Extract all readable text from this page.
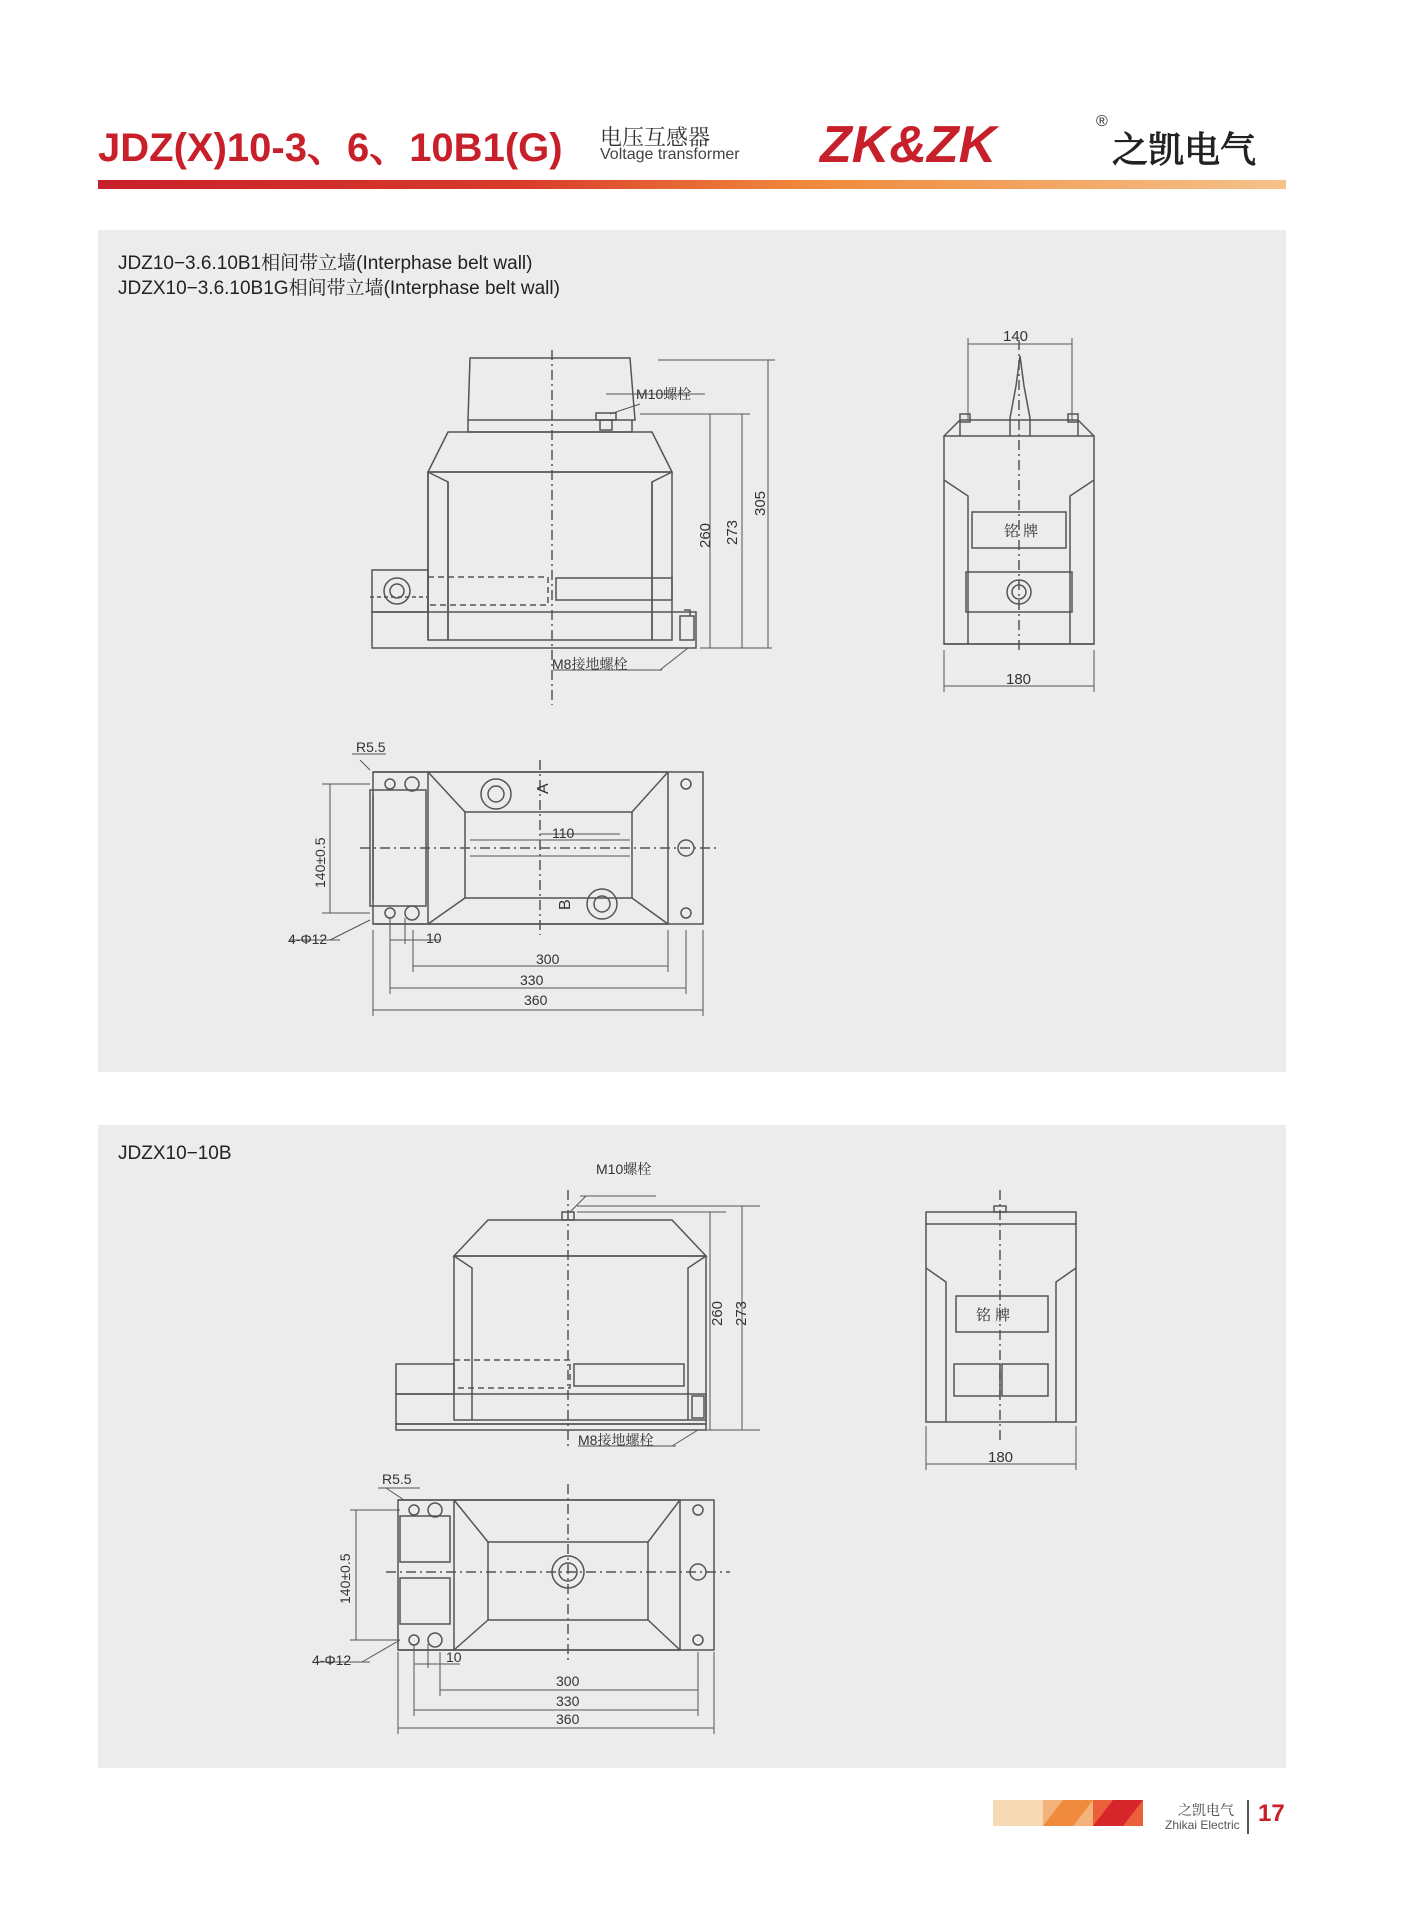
JDZ(X)10-3、6、10B1(G) 电压互感器
Voltage transformer ZK&ZK	®
之凯电气
JDZ10−3.6.10B1相间带立墙(Interphase belt wall)
JDZX10−3.6.10B1G相间带立墙(Interphase belt wall)
M10螺栓
M8接地螺栓
260 273
305
140
180
铭 牌
R5.5
4-Φ12	10
110
140±0.5
300
330
360
A
B
M10螺栓
M8接地螺栓
260 273
180
铭 牌
R5.5
4-Φ12	10
140±0.5
300
330
360
JDZX10−10B
之凯电气
Zhikai Electric 17
